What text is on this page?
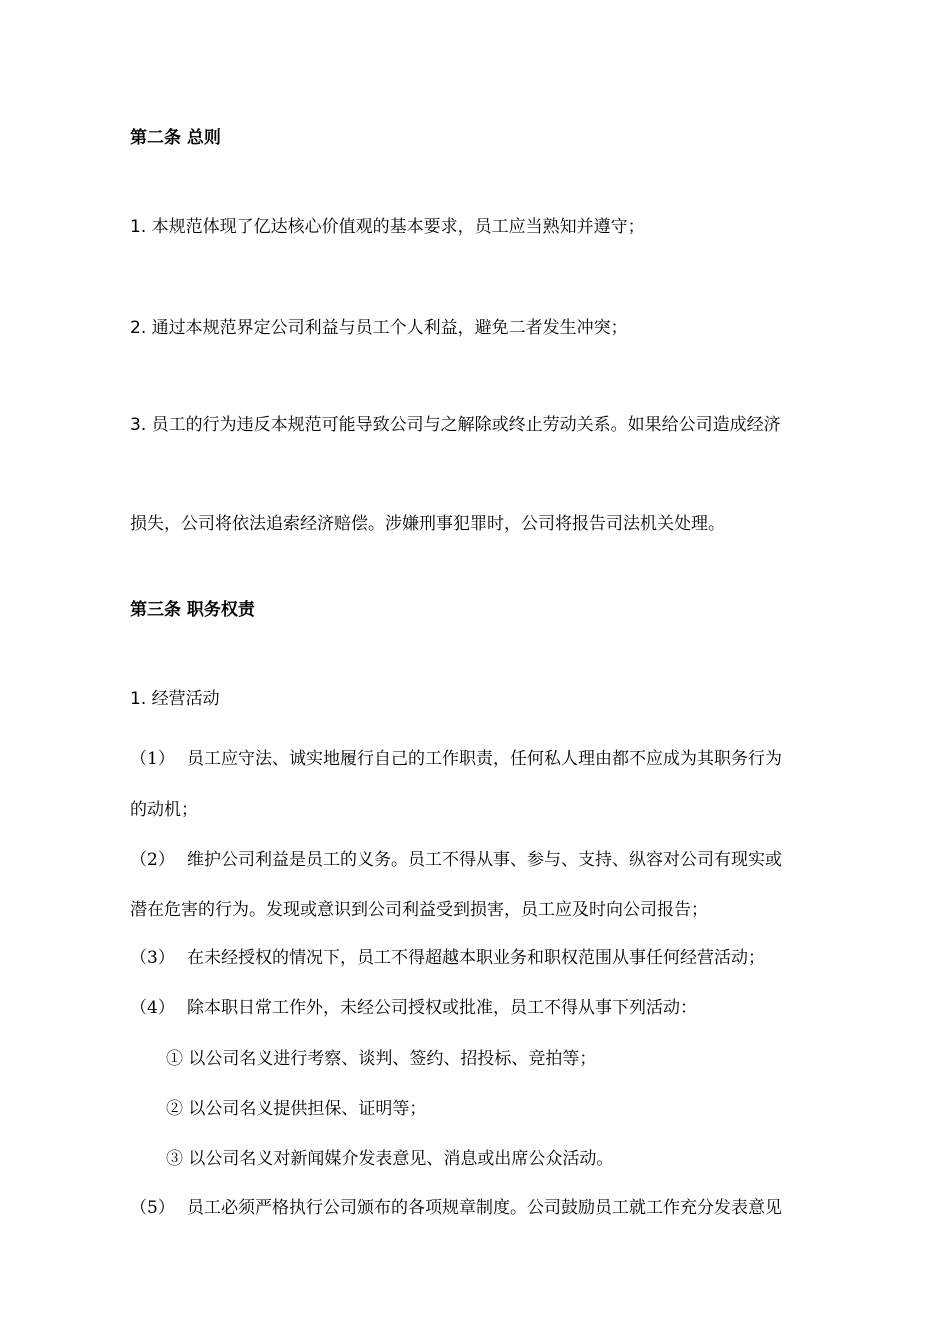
第二条 总则
1. 本规范体现了亿达核心价值观的基本要求，员工应当熟知并遵守；
2. 通过本规范界定公司利益与员工个人利益，避免二者发生冲突；
3. 员工的行为违反本规范可能导致公司与之解除或终止劳动关系。如果给公司造成经济
损失，公司将依法追索经济赔偿。涉嫌刑事犯罪时，公司将报告司法机关处理。
第三条 职务权责
1. 经营活动
（1） 员工应守法、诚实地履行自己的工作职责，任何私人理由都不应成为其职务行为
的动机；
（2） 维护公司利益是员工的义务。员工不得从事、参与、支持、纵容对公司有现实或
潜在危害的行为。发现或意识到公司利益受到损害，员工应及时向公司报告；
（3） 在未经授权的情况下，员工不得超越本职业务和职权范围从事任何经营活动；
（4） 除本职日常工作外，未经公司授权或批准，员工不得从事下列活动：
① 以公司名义进行考察、谈判、签约、招投标、竞拍等；
② 以公司名义提供担保、证明等；
③ 以公司名义对新闻媒介发表意见、消息或出席公众活动。
（5） 员工必须严格执行公司颁布的各项规章制度。公司鼓励员工就工作充分发表意见
